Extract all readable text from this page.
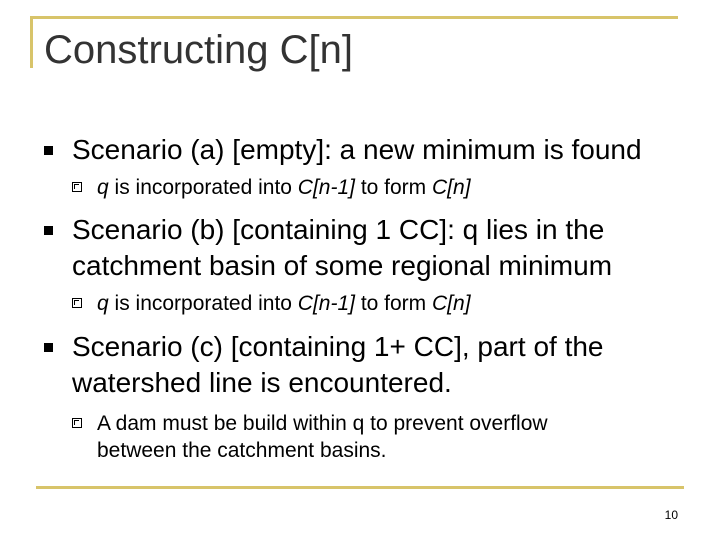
Constructing C[n]
Scenario (a) [empty]: a new minimum is found
q is incorporated into C[n-1] to form C[n]
Scenario (b) [containing 1 CC]: q lies in the
catchment basin of some regional minimum
q is incorporated into C[n-1] to form C[n]
Scenario (c) [containing 1+ CC], part of the
watershed line is encountered.
A dam must be build within q to prevent overflow
between the catchment basins.
10
